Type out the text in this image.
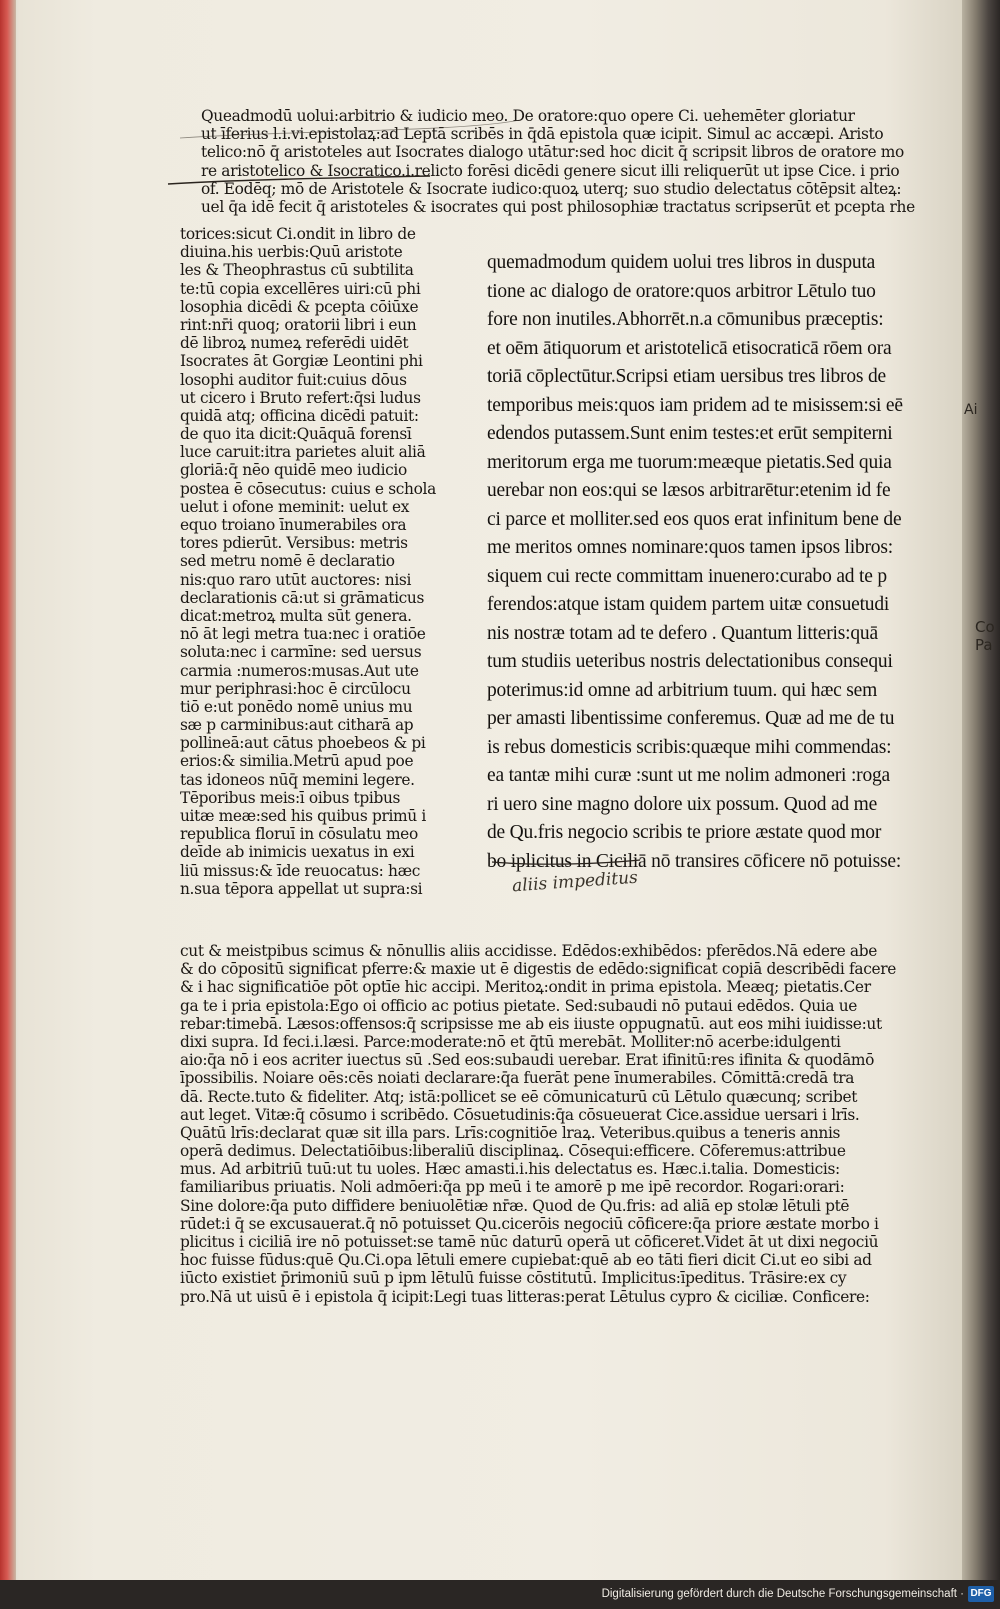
Queadmodū uolui:arbitrio & iudicio meo. De oratore:quo opere Ci. uehemēter gloriatur
ut īferius l.i.vi.epistolaꝝ:ad Leptā scribēs in q̄dā epistola quæ icipit. Simul ac accæpi. Aristo
telico:nō q̄ aristoteles aut Isocrates dialogo utātur:sed hoc dicit q̄ scripsit libros de oratore mo
re aristotelico & Isocratico.i.relicto forēsi dicēdi genere sicut illi reliquerūt ut ipse Cice. i prio
of. Eodēq; mō de Aristotele & Isocrate iudico:quoꝝ uterq; suo studio delectatus cōtēpsit alteꝝ:
uel q̄a idē fecit q̄ aristoteles & isocrates qui post philosophiæ tractatus scripserūt et pcepta rhe
torices:sicut Ci.ondit in libro de
diuina.his uerbis:Quū aristote
les & Theophrastus cū subtilita
te:tū copia excellēres uiri:cū phi
losophia dicēdi & pcepta cōiūxe
rint:nr̄i quoq; oratorii libri i eun
dē libroꝝ numeꝝ referēdi uidēt
Isocrates āt Gorgiæ Leontini phi
losophi auditor fuit:cuius dōus
ut cicero i Bruto refert:q̄si ludus
quidā atq; officina dicēdi patuit:
de quo ita dicit:Quāquā forensī
luce caruit:itra parietes aluit aliā
gloriā:q̄ nēo quidē meo iudicio
postea ē cōsecutus: cuius e schola
uelut i ofone meminit: uelut ex
equo troiano īnumerabiles ora
tores pdierūt. Versibus: metris
sed metru nomē ē declaratio
nis:quo raro utūt auctores: nisi
declarationis cā:ut si grāmaticus
dicat:metroꝝ multa sūt genera.
nō āt legi metra tua:nec i oratiōe
soluta:nec i carmīne: sed uersus
carmia :numeros:musas.Aut ute
mur periphrasi:hoc ē circūlocu
tiō e:ut ponēdo nomē unius mu
sæ p carminibus:aut citharā ap
pollineā:aut cātus phoebeos & pi
erios:& similia.Metrū apud poe
tas idoneos nūq̄ memini legere.
Tēporibus meis:ī oibus tpibus
uitæ meæ:sed his quibus primū i
republica floruī in cōsulatu meo
deīde ab inimicis uexatus in exi
liū missus:& īde reuocatus: hæc
n.sua tēpora appellat ut supra:si
quemadmodum quidem uolui tres libros in dusputa
tione ac dialogo de oratore:quos arbitror Lētulo tuo
fore non inutiles.Abhorrēt.n.a cōmunibus præceptis:
et oēm ātiquorum et aristotelicā etisocraticā rōem ora
toriā cōplectūtur.Scripsi etiam uersibus tres libros de
temporibus meis:quos iam pridem ad te misissem:si eē
edendos putassem.Sunt enim testes:et erūt sempiterni
meritorum erga me tuorum:meæque pietatis.Sed quia
uerebar non eos:qui se læsos arbitrarētur:etenim id fe
ci parce et molliter.sed eos quos erat infinitum bene de
me meritos omnes nominare:quos tamen ipsos libros:
siquem cui recte committam inuenero:curabo ad te p
ferendos:atque istam quidem partem uitæ consuetudi
nis nostræ totam ad te defero . Quantum litteris:quā
tum studiis ueteribus nostris delectationibus consequi
poterimus:id omne ad arbitrium tuum. qui hæc sem
per amasti libentissime conferemus. Quæ ad me de tu
is rebus domesticis scribis:quæque mihi commendas:
ea tantæ mihi curæ :sunt ut me nolim admoneri :roga
ri uero sine magno dolore uix possum. Quod ad me
de Qu.fris negocio scribis te priore æstate quod mor
bo iplicitus in Ciciliā nō transires cōficere nō potuisse:
cut & meistpibus scimus & nōnullis aliis accidisse. Edēdos:exhibēdos: pferēdos.Nā edere abe
& do cōpositū significat pferre:& maxie ut ē digestis de edēdo:significat copiā describēdi facere
& i hac significatiōe pōt optīe hic accipi. Meritoꝝ:ondit in prima epistola. Meæq; pietatis.Cer
ga te i pria epistola:Ego oi officio ac potius pietate. Sed:subaudi nō putaui edēdos. Quia ue
rebar:timebā. Læsos:offensos:q̄ scripsisse me ab eis iiuste oppugnatū. aut eos mihi iuidisse:ut
dixi supra. Id feci.i.læsi. Parce:moderate:nō et q̄tū merebāt. Molliter:nō acerbe:idulgenti
aio:q̄a nō i eos acriter iuectus sū .Sed eos:subaudi uerebar. Erat ifinitū:res ifinita & quodāmō
īpossibilis. Noiare oēs:cēs noiati declarare:q̄a fuerāt pene īnumerabiles. Cōmittā:credā tra
dā. Recte.tuto & fideliter. Atq; istā:pollicet se eē cōmunicaturū cū Lētulo quæcunq; scribet
aut leget. Vitæ:q̄ cōsumo i scribēdo. Cōsuetudinis:q̄a cōsueuerat Cice.assidue uersari i lrīs.
Quātū lrīs:declarat quæ sit illa pars. Lrīs:cognitiōe lraꝝ. Veteribus.quibus a teneris annis
operā dedimus. Delectatiōibus:liberaliū disciplinaꝝ. Cōsequi:efficere. Cōferemus:attribue
mus. Ad arbitriū tuū:ut tu uoles. Hæc amasti.i.his delectatus es. Hæc.i.talia. Domesticis:
familiaribus priuatis. Noli admōeri:q̄a pp meū i te amorē p me ipē recordor. Rogari:orari:
Sine dolore:q̄a puto diffidere beniuolētiæ nr̄æ. Quod de Qu.fris: ad aliā ep stolæ lētuli ptē
rūdet:i q̄ se excusauerat.q̄ nō potuisset Qu.cicerōis negociū cōficere:q̄a priore æstate morbo i
plicitus i ciciliā ire nō potuisset:se tamē nūc daturū operā ut cōficeret.Videt āt ut dixi negociū
hoc fuisse fūdus:quē Qu.Ci.opa lētuli emere cupiebat:quē ab eo tāti fieri dicit Ci.ut eo sibi ad
iūcto existiet p̄rimoniū suū p ipm lētulū fuisse cōstitutū. Implicitus:īpeditus. Trāsire:ex cy
pro.Nā ut uisū ē i epistola q̄ icipit:Legi tuas litteras:perat Lētulus cypro & ciciliæ. Conficere:
aliis impeditus
Ai
Co
Pa
Digitalisierung gefördert durch die Deutsche Forschungsgemeinschaft · DFG
